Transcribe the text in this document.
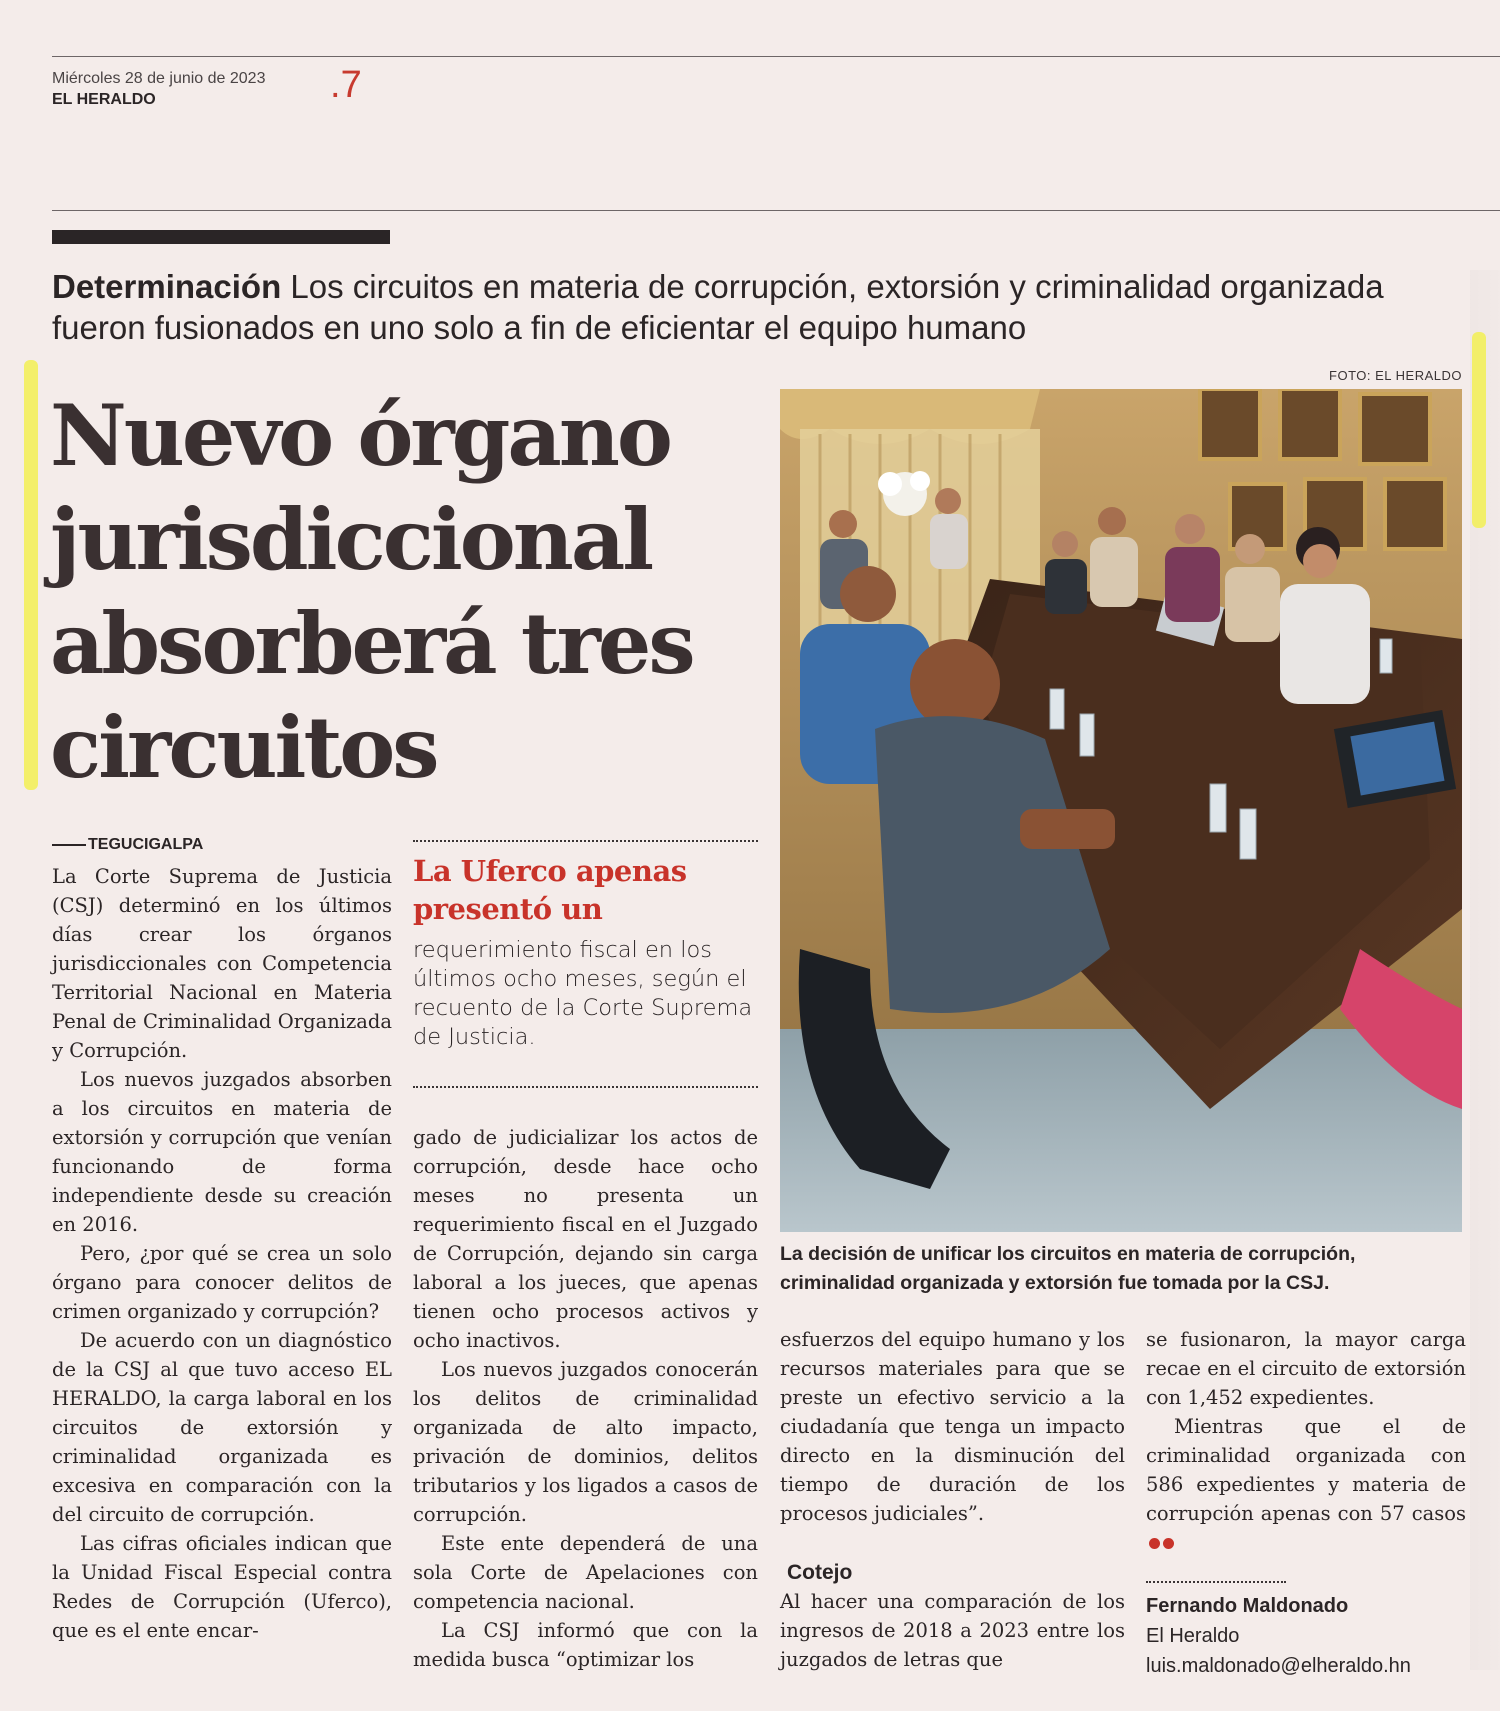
Miércoles 28 de junio de 2023
EL HERALDO	.7
Determinación Los circuitos en materia de corrupción, extorsión y criminalidad organizada fueron fusionados en uno solo a fin de eficientar el equipo humano
FOTO: EL HERALDO
Nuevo órgano jurisdiccional absorberá tres circuitos
TEGUCIGALPA

La Corte Suprema de Justicia (CSJ) determinó en los últimos días crear los órganos jurisdiccionales con Competencia Territorial Nacional en Materia Penal de Criminalidad Organizada y Corrupción.

Los nuevos juzgados absorben a los circuitos en materia de extorsión y corrupción que venían funcionando de forma independiente desde su creación en 2016.

Pero, ¿por qué se crea un solo órgano para conocer delitos de crimen organizado y corrupción?

De acuerdo con un diagnóstico de la CSJ al que tuvo acceso EL HERALDO, la carga laboral en los circuitos de extorsión y criminalidad organizada es excesiva en comparación con la del circuito de corrupción.

Las cifras oficiales indican que la Unidad Fiscal Especial contra Redes de Corrupción (Uferco), que es el ente encar-

La Uferco apenas presentó un
requerimiento fiscal en los últimos ocho meses, según el recuento de la Corte Suprema de Justicia.

gado de judicializar los actos de corrupción, desde hace ocho meses no presenta un requerimiento fiscal en el Juzgado de Corrupción, dejando sin carga laboral a los jueces, que apenas tienen ocho procesos activos y ocho inactivos.

Los nuevos juzgados conocerán los delitos de criminalidad organizada de alto impacto, privación de dominios, delitos tributarios y los ligados a casos de corrupción.

Este ente dependerá de una sola Corte de Apelaciones con competencia nacional.

La CSJ informó que con la medida busca “optimizar los

La decisión de unificar los circuitos en materia de corrupción, criminalidad organizada y extorsión fue tomada por la CSJ.

esfuerzos del equipo humano y los recursos materiales para que se preste un efectivo servicio a la ciudadanía que tenga un impacto directo en la disminución del tiempo de duración de los procesos judiciales”.

Cotejo

Al hacer una comparación de los ingresos de 2018 a 2023 entre los juzgados de letras que

se fusionaron, la mayor carga recae en el circuito de extorsión con 1,452 expedientes.

Mientras que el de criminalidad organizada con 586 expedientes y materia de corrupción apenas con 57 casos

Fernando Maldonado
El Heraldo
luis.maldonado@elheraldo.hn
